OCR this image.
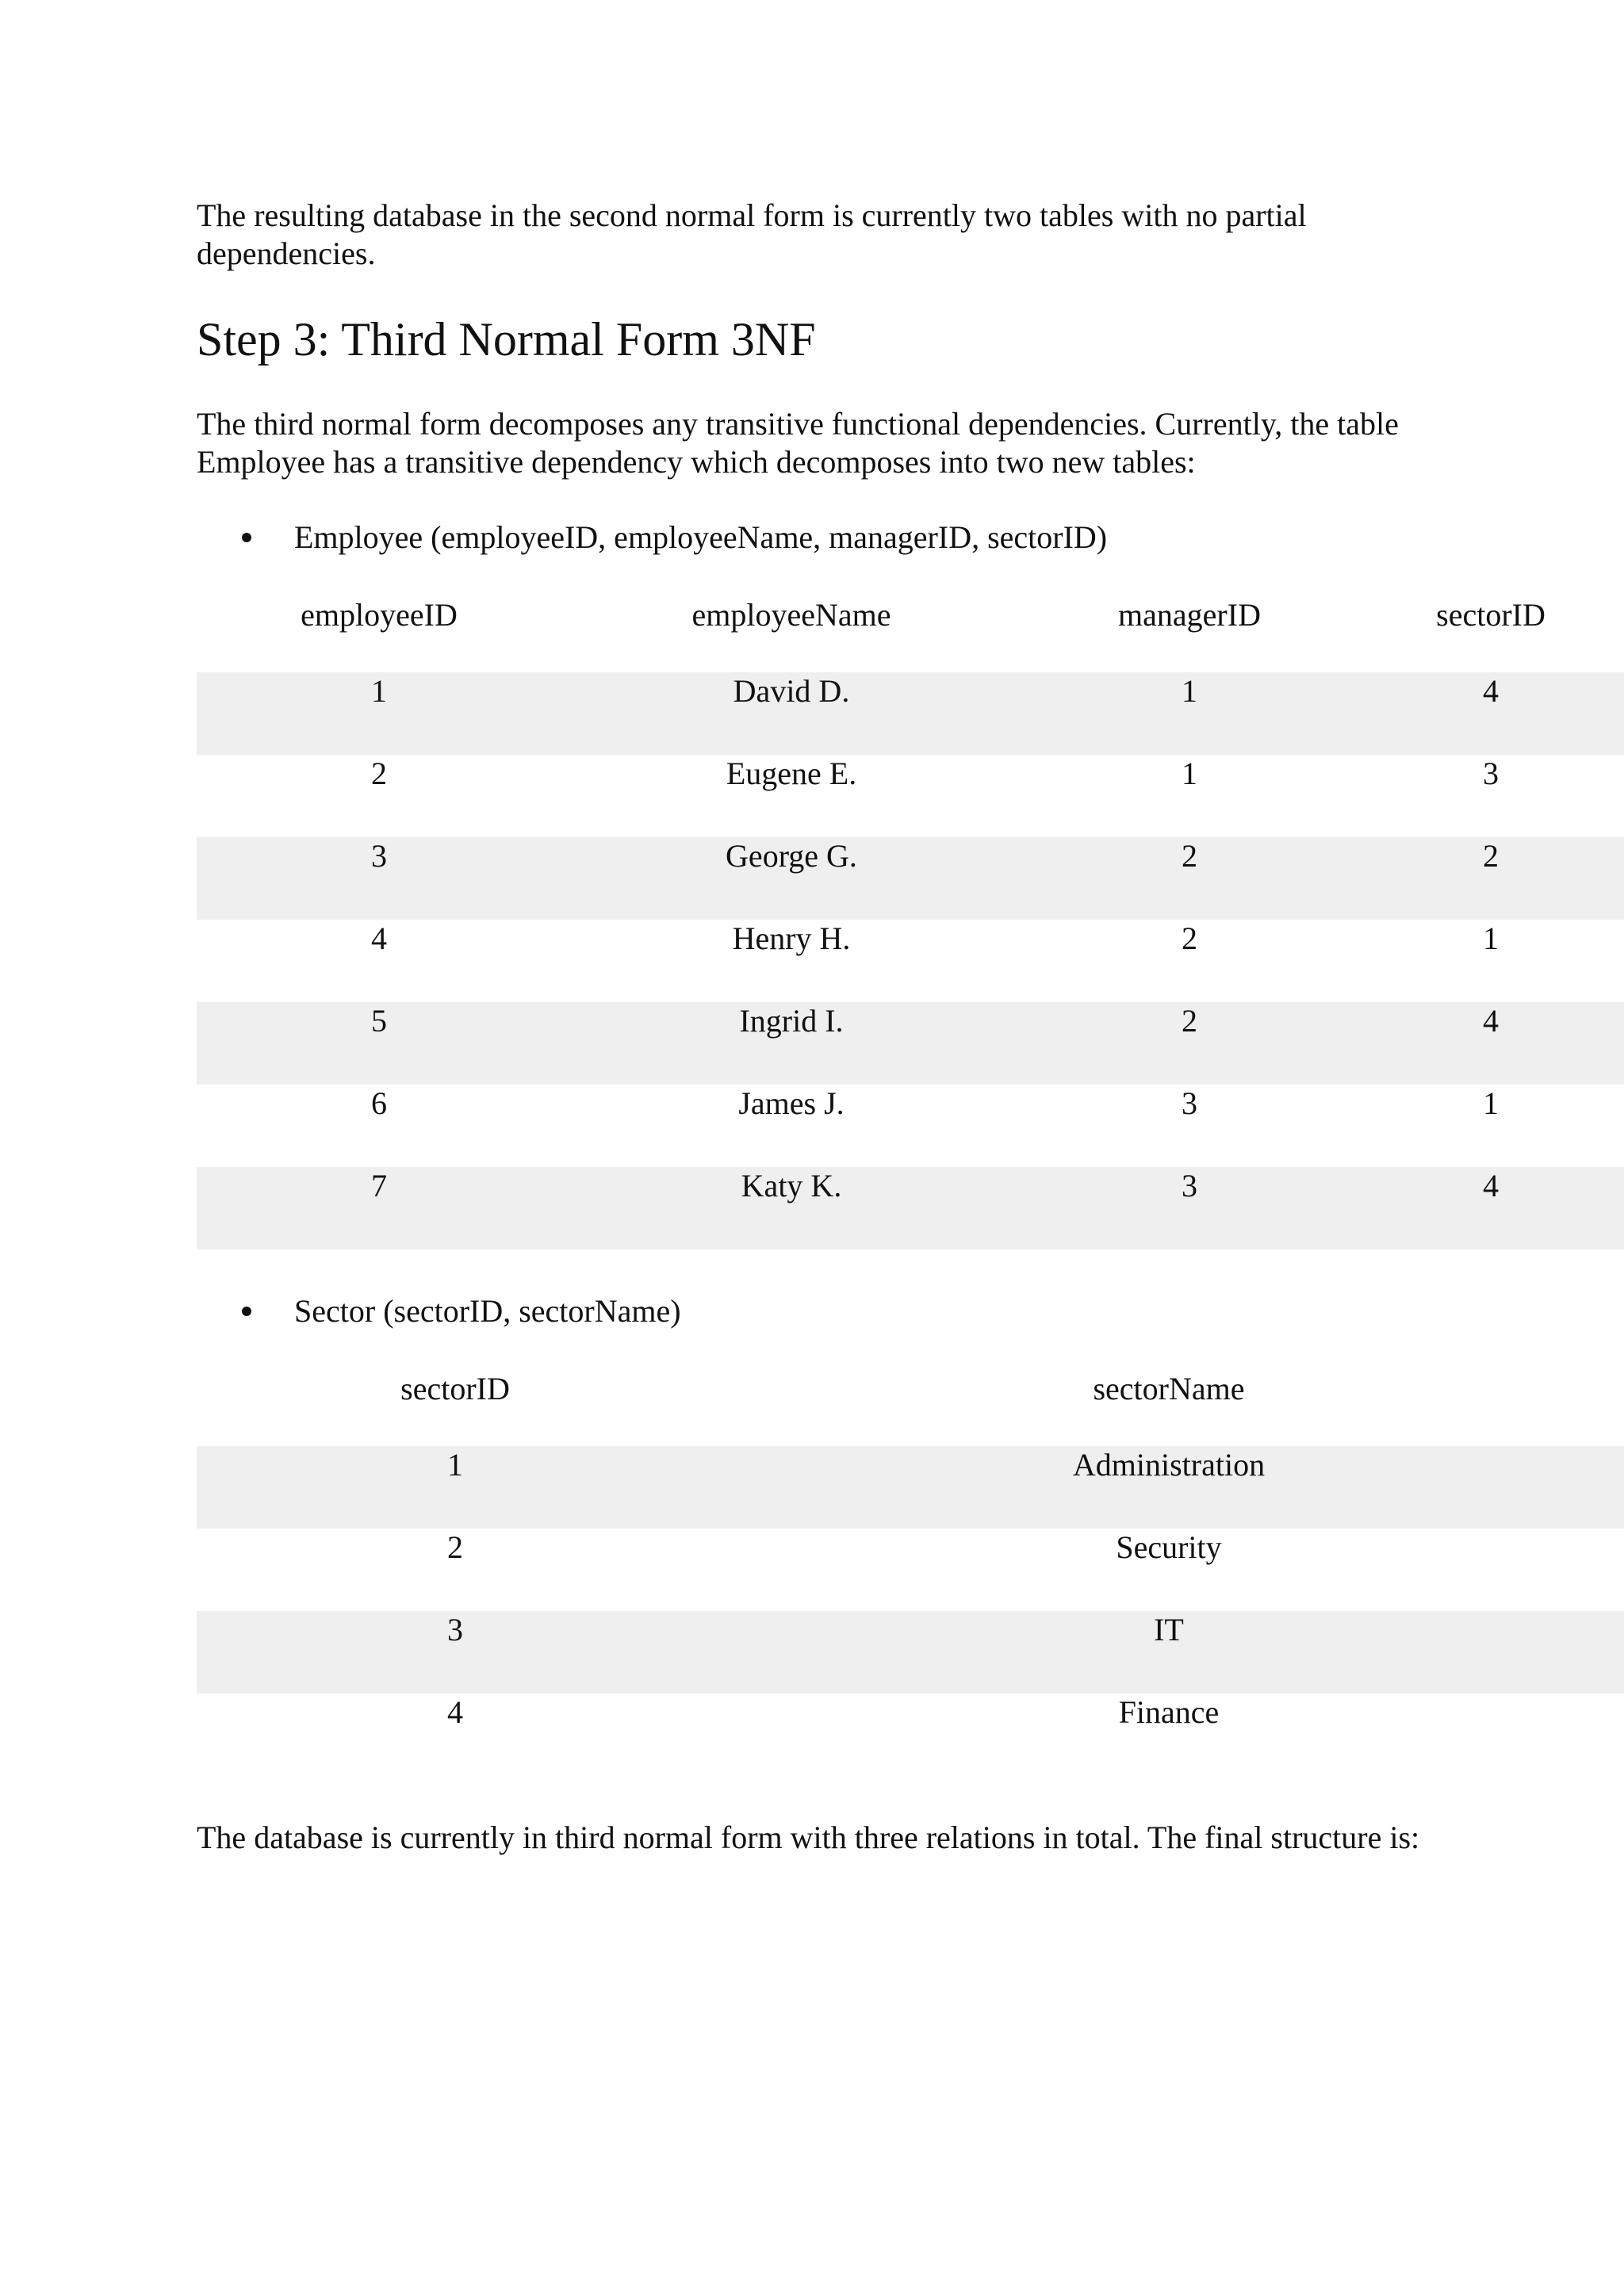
The resulting database in the second normal form is currently two tables with no partial dependencies.

Step 3: Third Normal Form 3NF

The third normal form decomposes any transitive functional dependencies. Currently, the table Employee has a transitive dependency which decomposes into two new tables:

Employee (employeeID, employeeName, managerID, sectorID)
employeeID	employeeName	managerID	sectorID
1	David D.	1	4
2	Eugene E.	1	3
3	George G.	2	2
4	Henry H.	2	1
5	Ingrid I.	2	4
6	James J.	3	1
7	Katy K.	3	4
Sector (sectorID, sectorName)
sectorID	sectorName
1	Administration
2	Security
3	IT
4	Finance

The database is currently in third normal form with three relations in total. The final structure is:
